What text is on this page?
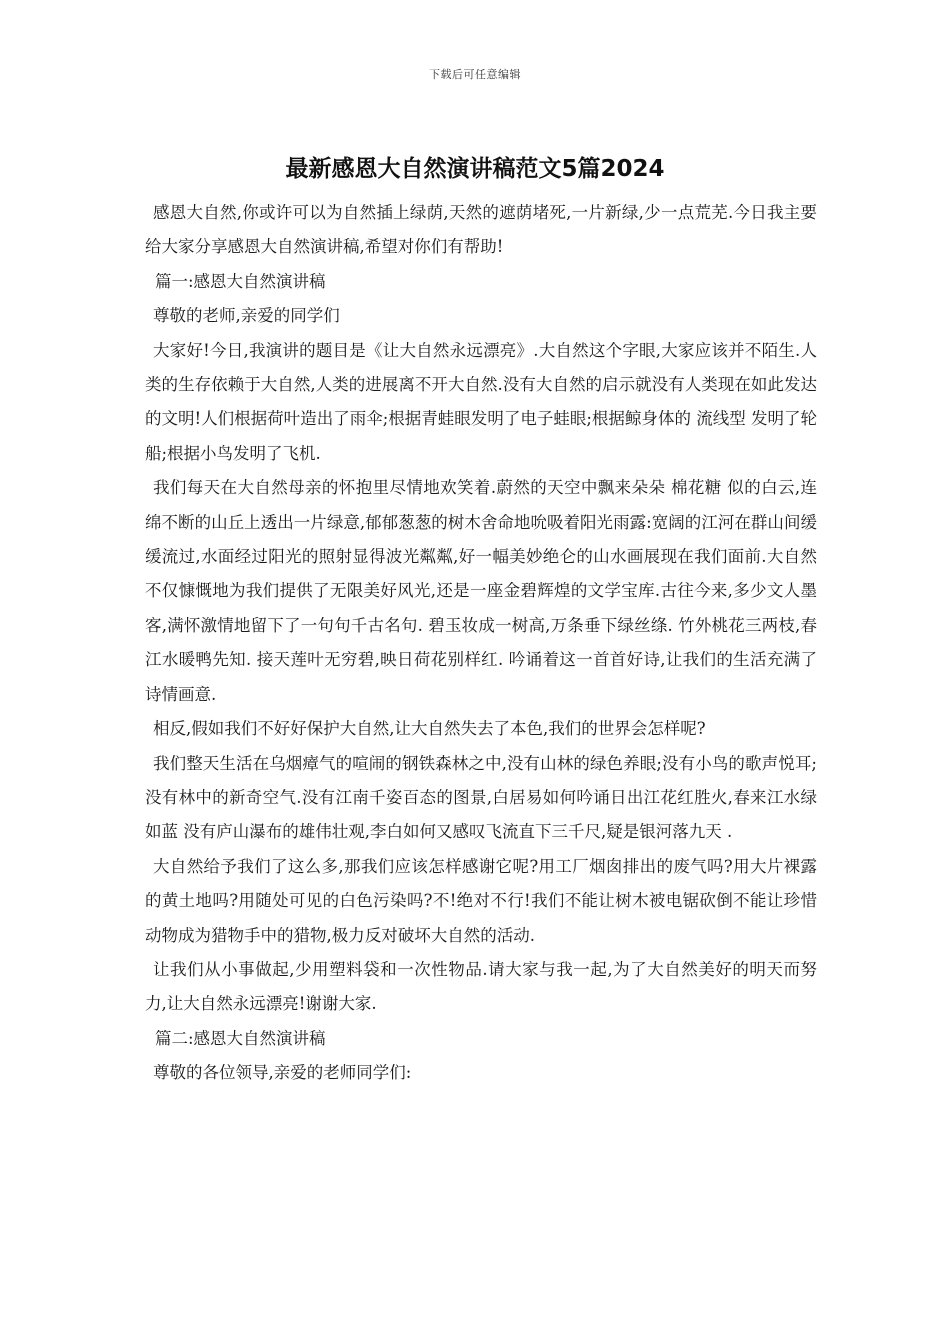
下载后可任意编辑
最新感恩大自然演讲稿范文5篇2024

感恩大自然,你或许可以为自然插上绿荫,天然的遮荫堵死,一片新绿,少一点荒芜.今日我主要给大家分享感恩大自然演讲稿,希望对你们有帮助!

篇一:感恩大自然演讲稿

尊敬的老师,亲爱的同学们

大家好!今日,我演讲的题目是《让大自然永远漂亮》.大自然这个字眼,大家应该并不陌生.人类的生存依赖于大自然,人类的进展离不开大自然.没有大自然的启示就没有人类现在如此发达的文明!人们根据荷叶造出了雨伞;根据青蛙眼发明了电子蛙眼;根据鲸身体的 流线型 发明了轮船;根据小鸟发明了飞机.

我们每天在大自然母亲的怀抱里尽情地欢笑着.蔚然的天空中飘来朵朵 棉花糖 似的白云,连绵不断的山丘上透出一片绿意,郁郁葱葱的树木舍命地吮吸着阳光雨露:宽阔的江河在群山间缓缓流过,水面经过阳光的照射显得波光粼粼,好一幅美妙绝仑的山水画展现在我们面前.大自然不仅慷慨地为我们提供了无限美好风光,还是一座金碧辉煌的文学宝库.古往今来,多少文人墨客,满怀激情地留下了一句句千古名句. 碧玉妆成一树高,万条垂下绿丝绦. 竹外桃花三两枝,春江水暖鸭先知. 接天莲叶无穷碧,映日荷花别样红. 吟诵着这一首首好诗,让我们的生活充满了诗情画意.

相反,假如我们不好好保护大自然,让大自然失去了本色,我们的世界会怎样呢?

我们整天生活在乌烟瘴气的喧闹的钢铁森林之中,没有山林的绿色养眼;没有小鸟的歌声悦耳;没有林中的新奇空气.没有江南千姿百态的图景,白居易如何吟诵日出江花红胜火,春来江水绿如蓝 没有庐山瀑布的雄伟壮观,李白如何又感叹飞流直下三千尺,疑是银河落九天 .

大自然给予我们了这么多,那我们应该怎样感谢它呢?用工厂烟囱排出的废气吗?用大片裸露的黄土地吗?用随处可见的白色污染吗?不!绝对不行!我们不能让树木被电锯砍倒不能让珍惜动物成为猎物手中的猎物,极力反对破坏大自然的活动.

让我们从小事做起,少用塑料袋和一次性物品.请大家与我一起,为了大自然美好的明天而努力,让大自然永远漂亮!谢谢大家.

篇二:感恩大自然演讲稿

尊敬的各位领导,亲爱的老师同学们:
